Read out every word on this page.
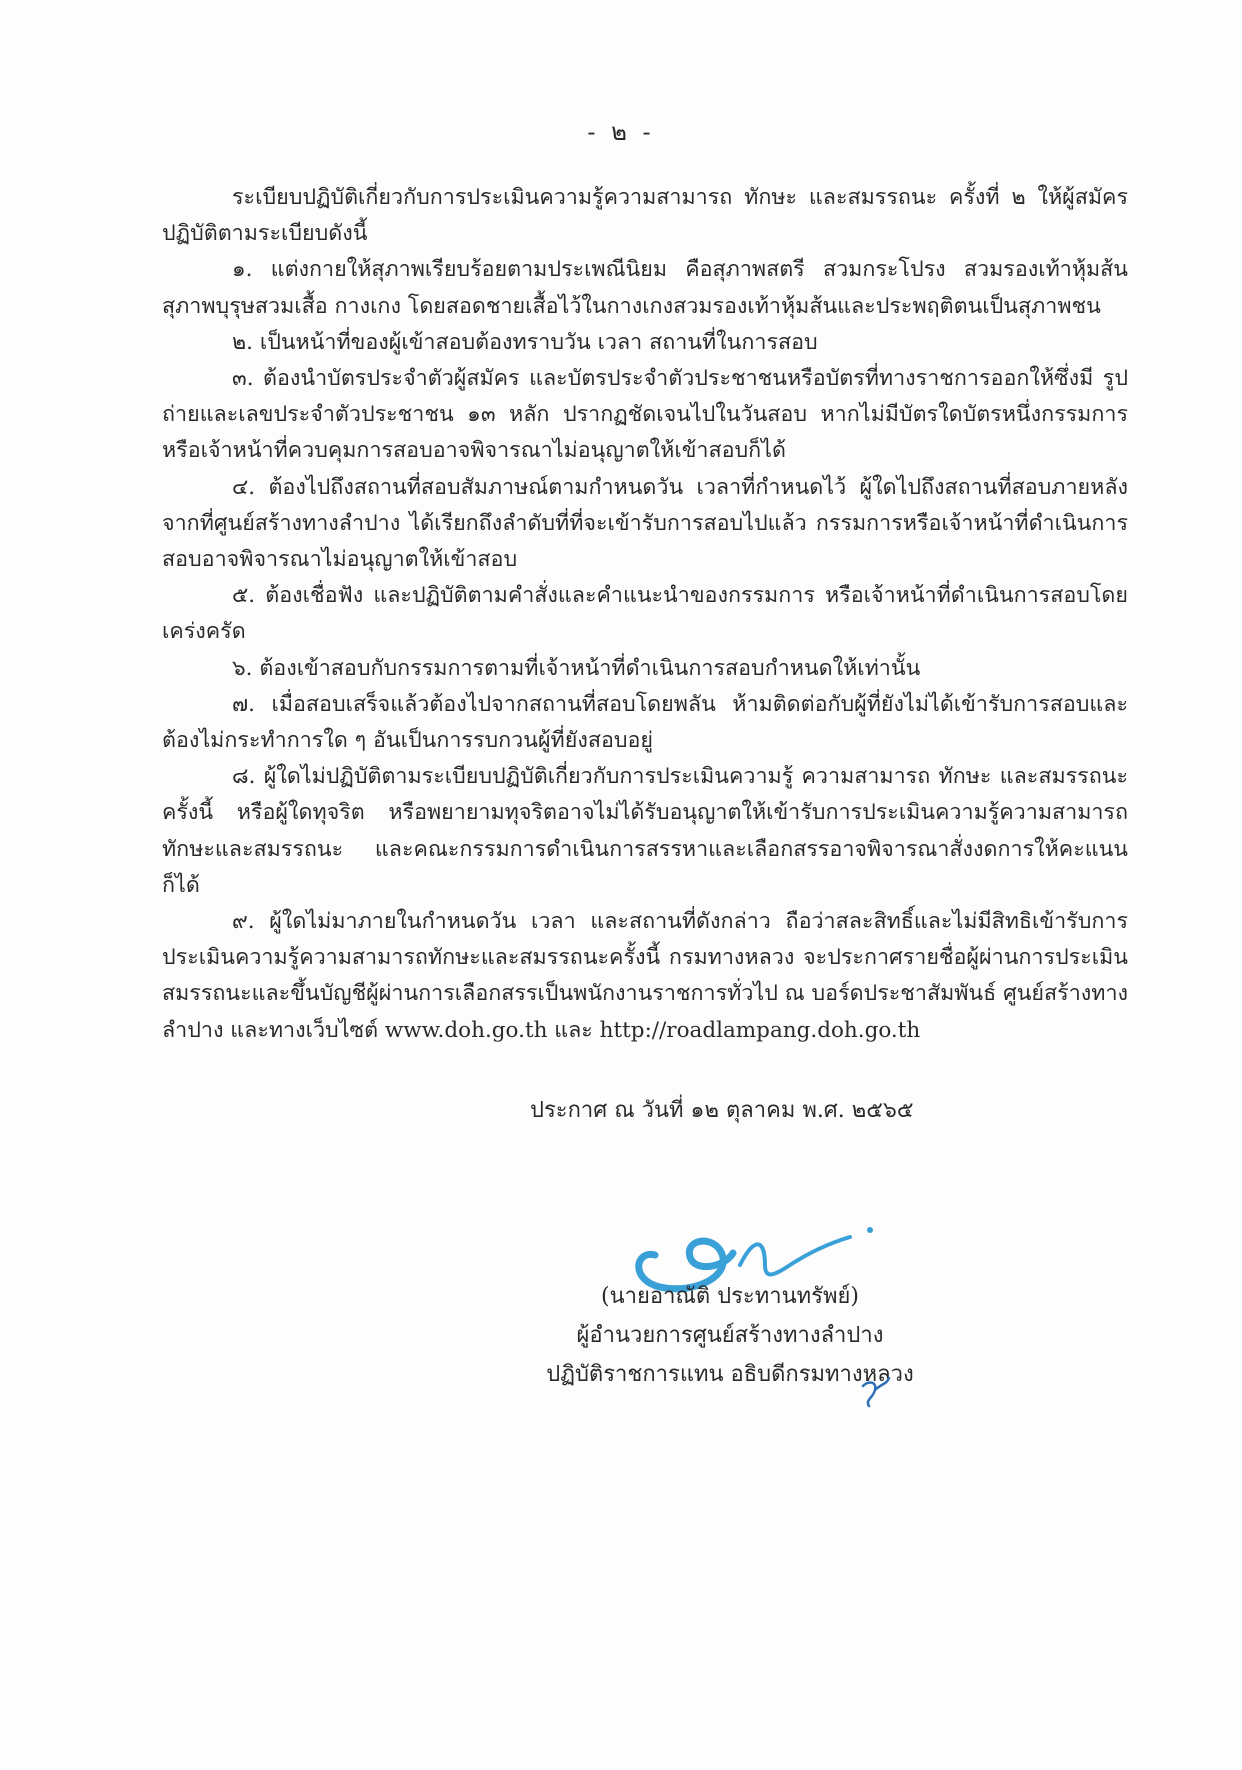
- ๒ -

ระเบียบปฏิบัติเกี่ยวกับการประเมินความรู้ความสามารถ ทักษะ และสมรรถนะ ครั้งที่ ๒ ให้ผู้สมัครปฏิบัติตามระเบียบดังนี้

๑. แต่งกายให้สุภาพเรียบร้อยตามประเพณีนิยม คือสุภาพสตรี สวมกระโปรง สวมรองเท้าหุ้มส้น สุภาพบุรุษสวมเสื้อ กางเกง โดยสอดชายเสื้อไว้ในกางเกงสวมรองเท้าหุ้มส้นและประพฤติตนเป็นสุภาพชน

๒. เป็นหน้าที่ของผู้เข้าสอบต้องทราบวัน เวลา สถานที่ในการสอบ

๓. ต้องนำบัตรประจำตัวผู้สมัคร และบัตรประจำตัวประชาชนหรือบัตรที่ทางราชการออกให้ซึ่งมี รูปถ่ายและเลขประจำตัวประชาชน ๑๓ หลัก ปรากฏชัดเจนไปในวันสอบ หากไม่มีบัตรใดบัตรหนึ่งกรรมการหรือเจ้าหน้าที่ควบคุมการสอบอาจพิจารณาไม่อนุญาตให้เข้าสอบก็ได้

๔. ต้องไปถึงสถานที่สอบสัมภาษณ์ตามกำหนดวัน เวลาที่กำหนดไว้ ผู้ใดไปถึงสถานที่สอบภายหลังจากที่ศูนย์สร้างทางลำปาง ได้เรียกถึงลำดับที่ที่จะเข้ารับการสอบไปแล้ว กรรมการหรือเจ้าหน้าที่ดำเนินการสอบอาจพิจารณาไม่อนุญาตให้เข้าสอบ

๕. ต้องเชื่อฟัง และปฏิบัติตามคำสั่งและคำแนะนำของกรรมการ หรือเจ้าหน้าที่ดำเนินการสอบโดยเคร่งครัด

๖. ต้องเข้าสอบกับกรรมการตามที่เจ้าหน้าที่ดำเนินการสอบกำหนดให้เท่านั้น

๗. เมื่อสอบเสร็จแล้วต้องไปจากสถานที่สอบโดยพลัน ห้ามติดต่อกับผู้ที่ยังไม่ได้เข้ารับการสอบและต้องไม่กระทำการใด ๆ อันเป็นการรบกวนผู้ที่ยังสอบอยู่

๘. ผู้ใดไม่ปฏิบัติตามระเบียบปฏิบัติเกี่ยวกับการประเมินความรู้ ความสามารถ ทักษะ และสมรรถนะครั้งนี้ หรือผู้ใดทุจริต หรือพยายามทุจริตอาจไม่ได้รับอนุญาตให้เข้ารับการประเมินความรู้ความสามารถทักษะและสมรรถนะ และคณะกรรมการดำเนินการสรรหาและเลือกสรรอาจพิจารณาสั่งงดการให้คะแนนก็ได้

๙. ผู้ใดไม่มาภายในกำหนดวัน เวลา และสถานที่ดังกล่าว ถือว่าสละสิทธิ์และไม่มีสิทธิเข้ารับการประเมินความรู้ความสามารถทักษะและสมรรถนะครั้งนี้ กรมทางหลวง จะประกาศรายชื่อผู้ผ่านการประเมินสมรรถนะและขึ้นบัญชีผู้ผ่านการเลือกสรรเป็นพนักงานราชการทั่วไป ณ บอร์ดประชาสัมพันธ์ ศูนย์สร้างทางลำปาง และทางเว็บไซต์ www.doh.go.th และ http://roadlampang.doh.go.th

ประกาศ ณ วันที่ ๑๒ ตุลาคม พ.ศ. ๒๕๖๕
(นายอาณัติ ประทานทรัพย์)
ผู้อำนวยการศูนย์สร้างทางลำปาง
ปฏิบัติราชการแทน อธิบดีกรมทางหลวง
